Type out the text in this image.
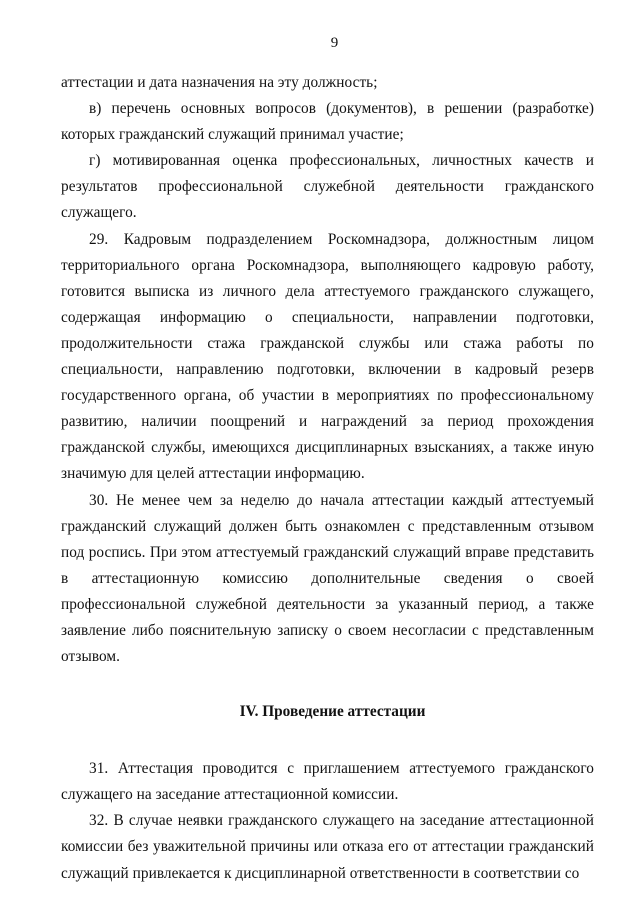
9

аттестации и дата назначения на эту должность;

в) перечень основных вопросов (документов), в решении (разработке) которых гражданский служащий принимал участие;

г) мотивированная оценка профессиональных, личностных качеств и результатов профессиональной служебной деятельности гражданского служащего.

29. Кадровым подразделением Роскомнадзора, должностным лицом территориального органа Роскомнадзора, выполняющего кадровую работу, готовится выписка из личного дела аттестуемого гражданского служащего, содержащая информацию о специальности, направлении подготовки, продолжительности стажа гражданской службы или стажа работы по специальности, направлению подготовки, включении в кадровый резерв государственного органа, об участии в мероприятиях по профессиональному развитию, наличии поощрений и награждений за период прохождения гражданской службы, имеющихся дисциплинарных взысканиях, а также иную значимую для целей аттестации информацию.

30. Не менее чем за неделю до начала аттестации каждый аттестуемый гражданский служащий должен быть ознакомлен с представленным отзывом под роспись. При этом аттестуемый гражданский служащий вправе представить в аттестационную комиссию дополнительные сведения о своей профессиональной служебной деятельности за указанный период, а также заявление либо пояснительную записку о своем несогласии с представленным отзывом.

IV. Проведение аттестации

31. Аттестация проводится с приглашением аттестуемого гражданского служащего на заседание аттестационной комиссии.

32. В случае неявки гражданского служащего на заседание аттестационной комиссии без уважительной причины или отказа его от аттестации гражданский служащий привлекается к дисциплинарной ответственности в соответствии со
